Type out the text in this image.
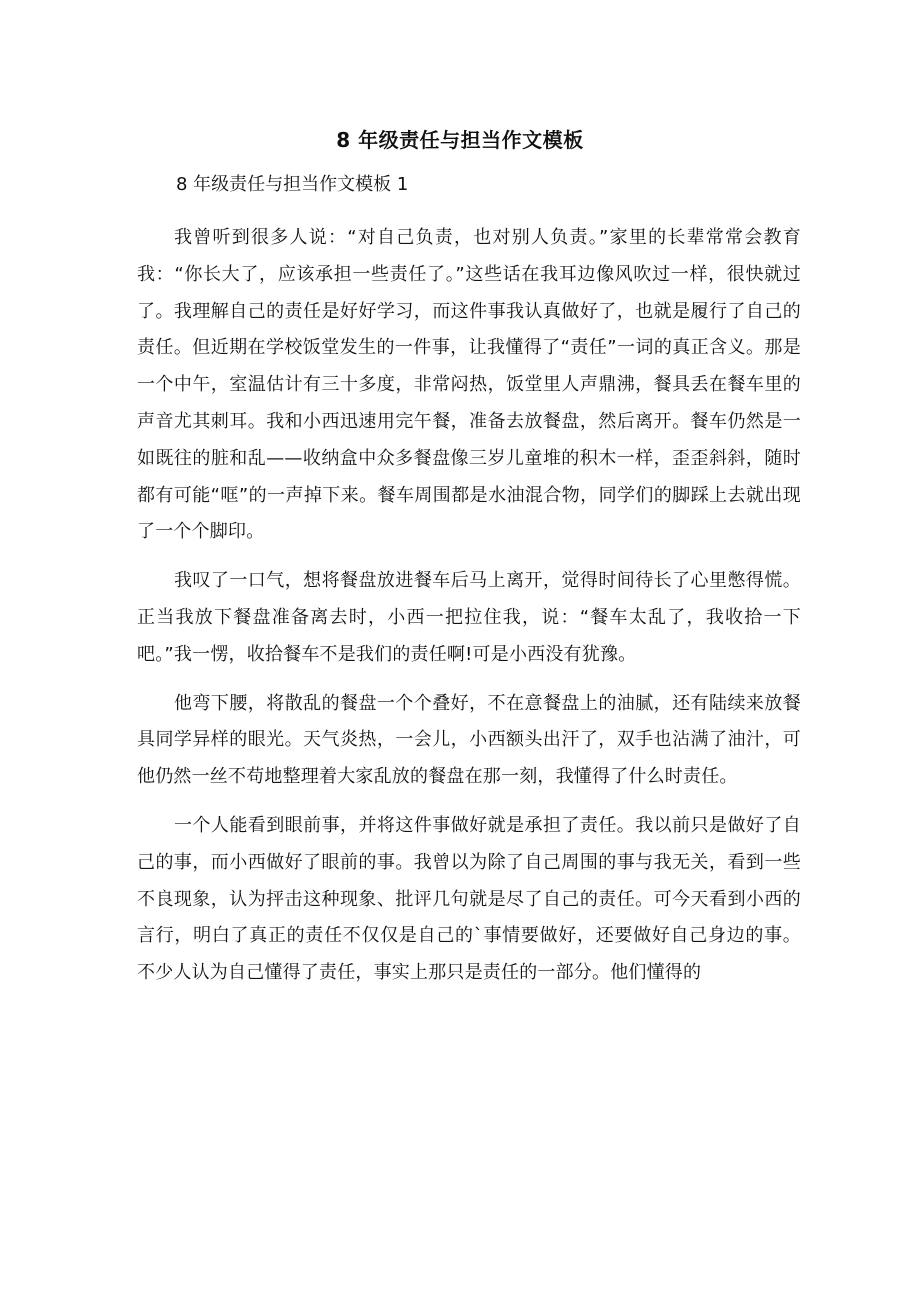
8 年级责任与担当作文模板
8 年级责任与担当作文模板 1

我曾听到很多人说：“对自己负责，也对别人负责。”家里的长辈常常会教育我：“你长大了，应该承担一些责任了。”这些话在我耳边像风吹过一样，很快就过了。我理解自己的责任是好好学习，而这件事我认真做好了，也就是履行了自己的责任。但近期在学校饭堂发生的一件事，让我懂得了“责任”一词的真正含义。那是一个中午，室温估计有三十多度，非常闷热，饭堂里人声鼎沸，餐具丢在餐车里的声音尤其刺耳。我和小西迅速用完午餐，准备去放餐盘，然后离开。餐车仍然是一如既往的脏和乱——收纳盒中众多餐盘像三岁儿童堆的积木一样，歪歪斜斜，随时都有可能“哐”的一声掉下来。餐车周围都是水油混合物，同学们的脚踩上去就出现了一个个脚印。

我叹了一口气，想将餐盘放进餐车后马上离开，觉得时间待长了心里憋得慌。正当我放下餐盘准备离去时，小西一把拉住我，说：“餐车太乱了，我收拾一下吧。”我一愣，收拾餐车不是我们的责任啊!可是小西没有犹豫。

他弯下腰，将散乱的餐盘一个个叠好，不在意餐盘上的油腻，还有陆续来放餐具同学异样的眼光。天气炎热，一会儿，小西额头出汗了，双手也沾满了油汁，可他仍然一丝不苟地整理着大家乱放的餐盘在那一刻，我懂得了什么时责任。

一个人能看到眼前事，并将这件事做好就是承担了责任。我以前只是做好了自己的事，而小西做好了眼前的事。我曾以为除了自己周围的事与我无关，看到一些不良现象，认为抨击这种现象、批评几句就是尽了自己的责任。可今天看到小西的言行，明白了真正的责任不仅仅是自己的`事情要做好，还要做好自己身边的事。不少人认为自己懂得了责任，事实上那只是责任的一部分。他们懂得的
